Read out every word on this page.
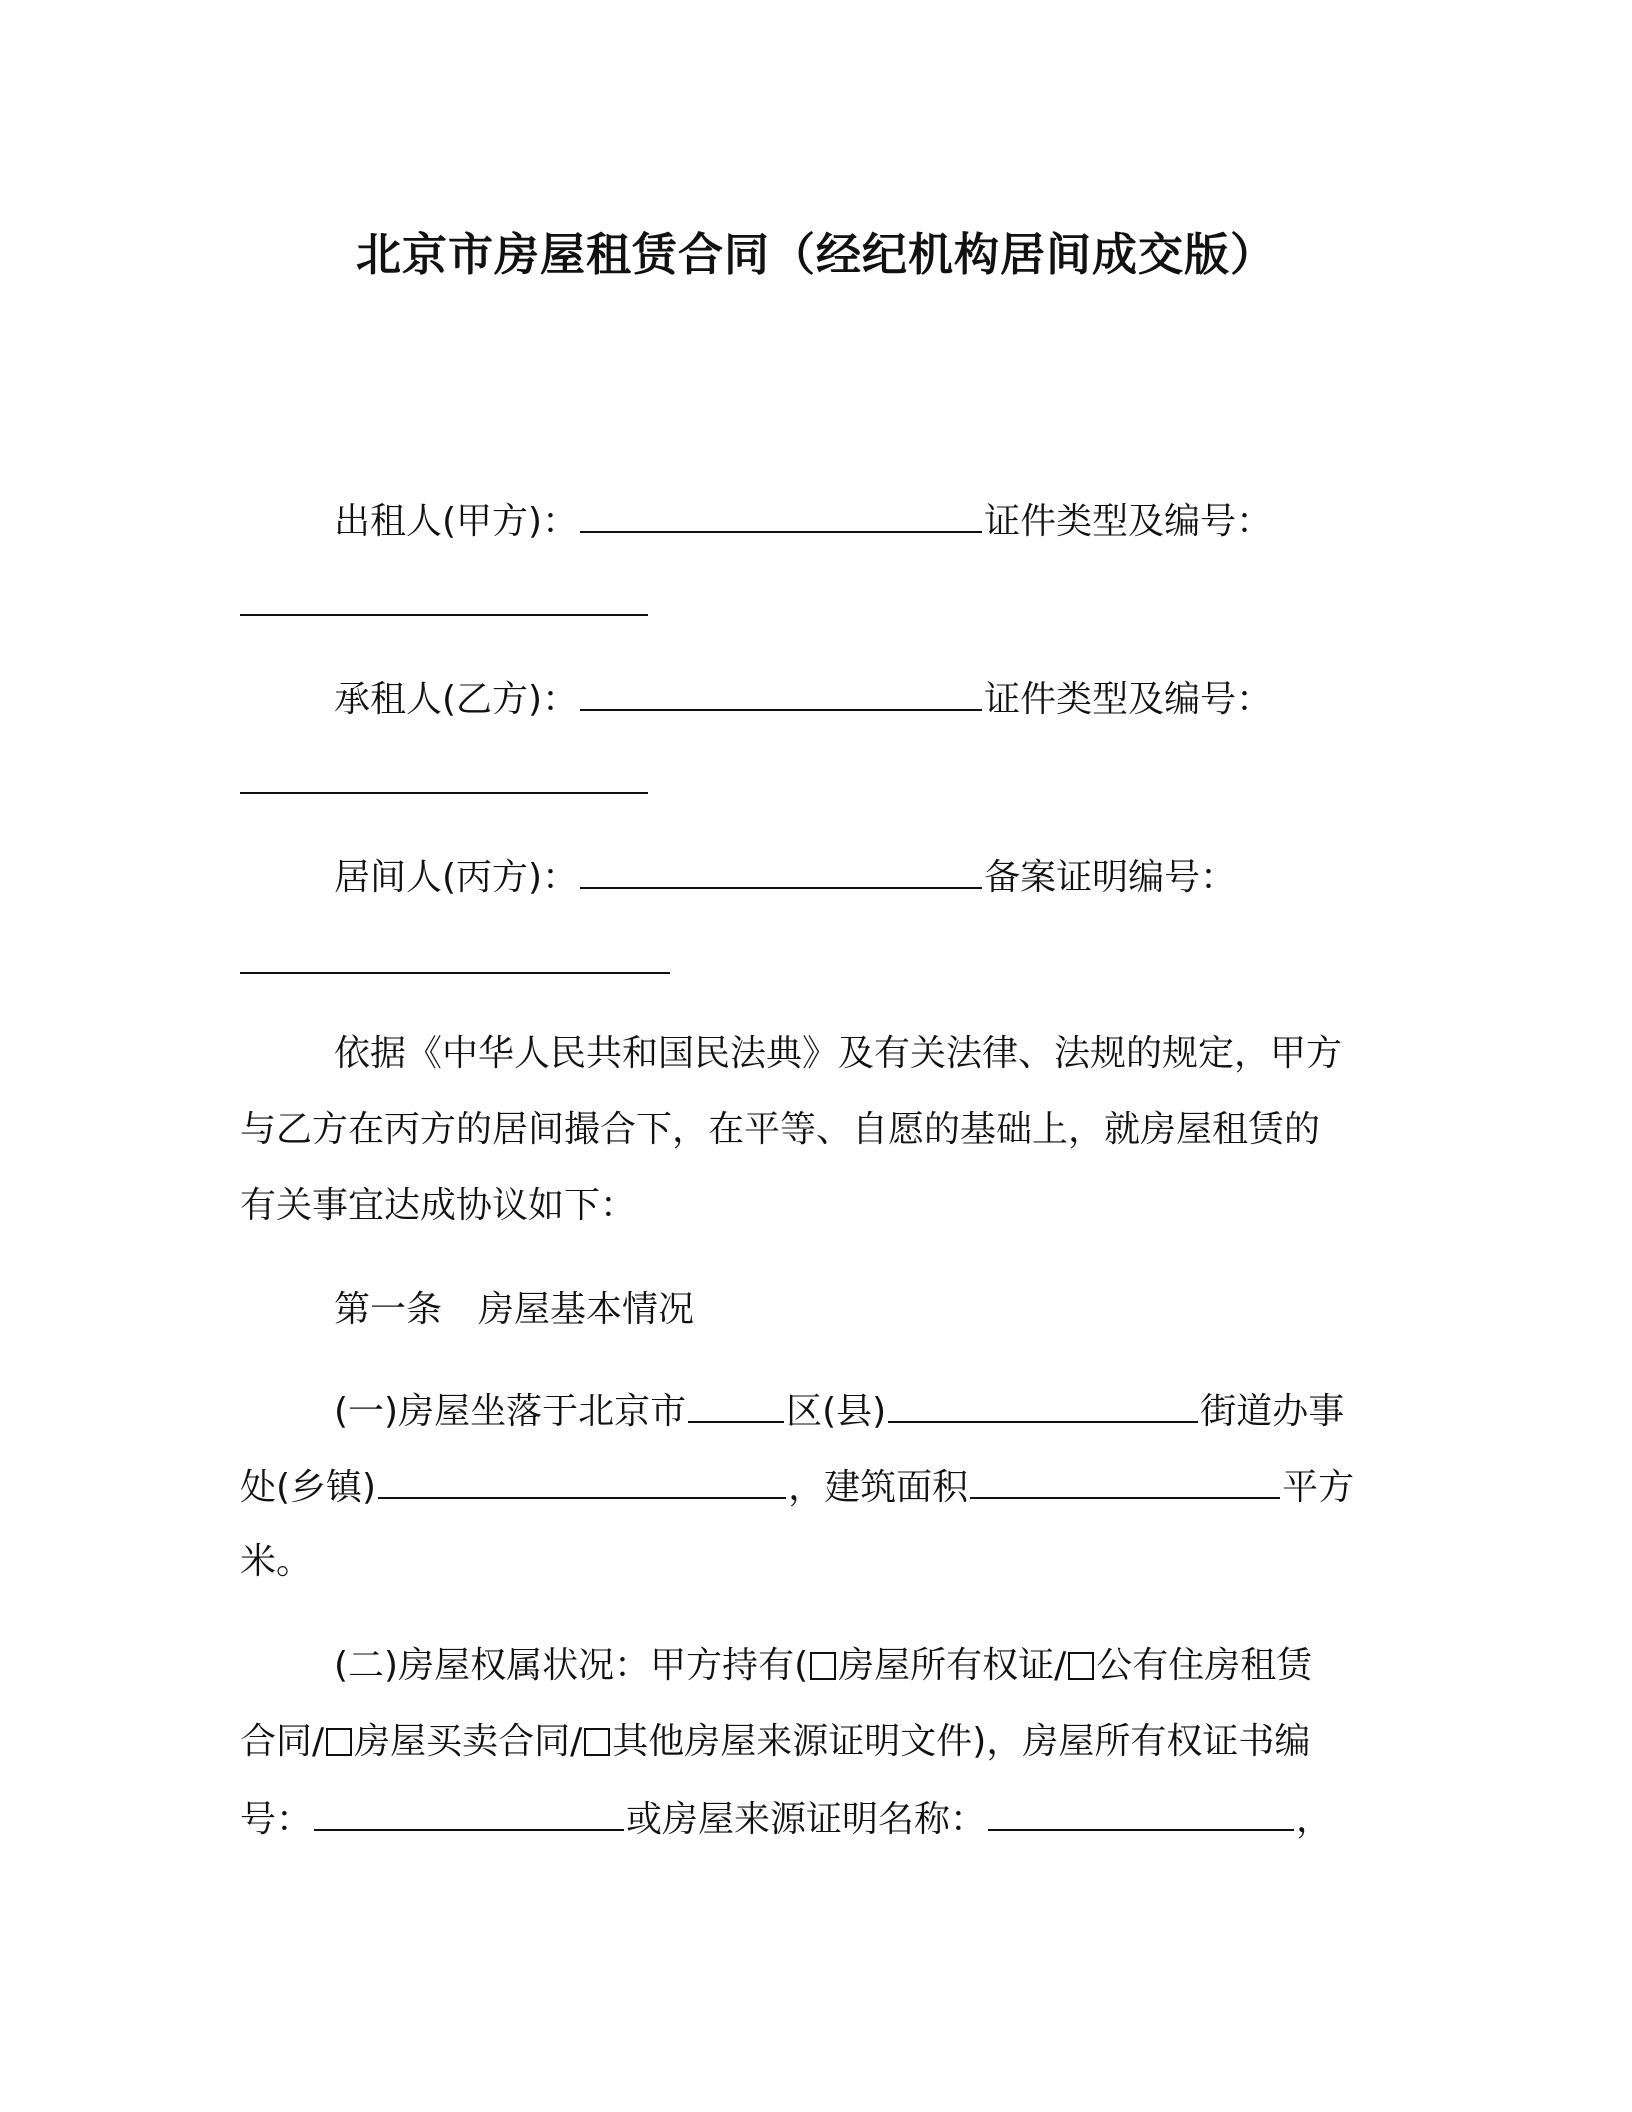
北京市房屋租赁合同（经纪机构居间成交版）
出租人(甲方)：	证件类型及编号：
承租人(乙方)：	证件类型及编号：
居间人(丙方)：	备案证明编号：
依据《中华人民共和国民法典》及有关法律、法规的规定，甲方
与乙方在丙方的居间撮合下，在平等、自愿的基础上，就房屋租赁的
有关事宜达成协议如下：
第一条　房屋基本情况
(一)房屋坐落于北京市	区(县)	街道办事
处(乡镇)	，建筑面积	平方
米。
(二)房屋权属状况：甲方持有( 房屋所有权证/ 公有住房租赁
合同/ 房屋买卖合同/ 其他房屋来源证明文件)，房屋所有权证书编
号：	或房屋来源证明名称：	，
